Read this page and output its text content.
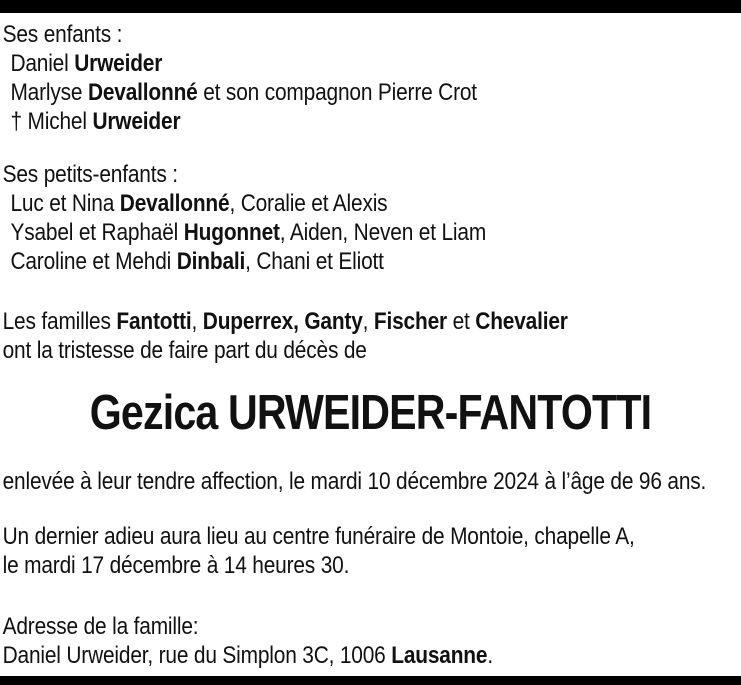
Ses enfants :
Daniel Urweider
Marlyse Devallonné et son compagnon Pierre Crot
† Michel Urweider
Ses petits-enfants :
Luc et Nina Devallonné, Coralie et Alexis
Ysabel et Raphaël Hugonnet, Aiden, Neven et Liam
Caroline et Mehdi Dinbali, Chani et Eliott
Les familles Fantotti, Duperrex, Ganty, Fischer et Chevalier
ont la tristesse de faire part du décès de
Gezica URWEIDER-FANTOTTI
enlevée à leur tendre affection, le mardi 10 décembre 2024 à l’âge de 96 ans.
Un dernier adieu aura lieu au centre funéraire de Montoie, chapelle A,
le mardi 17 décembre à 14 heures 30.
Adresse de la famille:
Daniel Urweider, rue du Simplon 3C, 1006 Lausanne.
